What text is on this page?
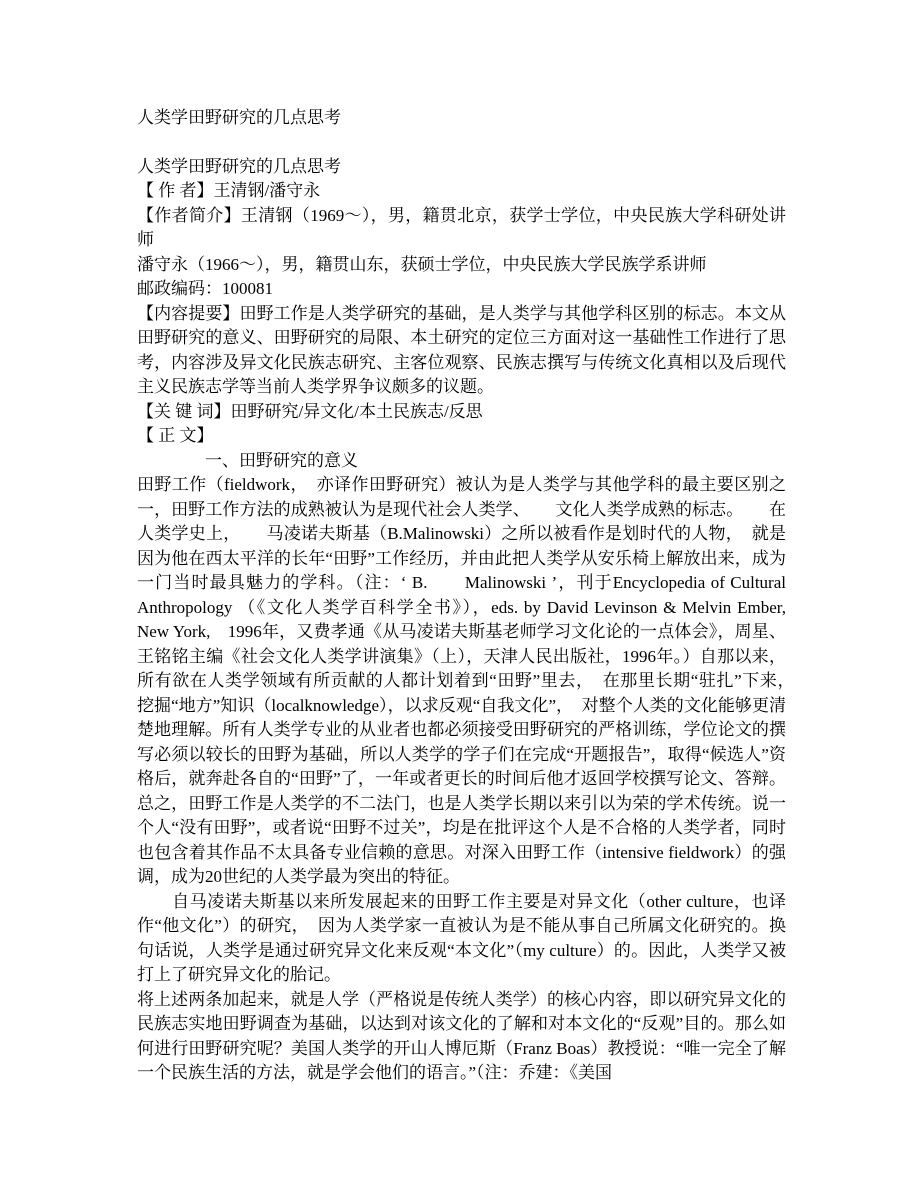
人类学田野研究的几点思考

人类学田野研究的几点思考

【 作 者】王清钢/潘守永

【作者简介】王清钢（1969～），男，籍贯北京，获学士学位，中央民族大学科研处讲师

潘守永（1966～），男，籍贯山东，获硕士学位，中央民族大学民族学系讲师

邮政编码：100081

【内容提要】田野工作是人类学研究的基础，是人类学与其他学科区别的标志。本文从田野研究的意义、田野研究的局限、本土研究的定位三方面对这一基础性工作进行了思考，内容涉及异文化民族志研究、主客位观察、民族志撰写与传统文化真相以及后现代主义民族志学等当前人类学界争议颇多的议题。

【关 键 词】田野研究/异文化/本土民族志/反思

【 正 文】

　　　　一、田野研究的意义

田野工作（fieldwork，　亦译作田野研究）被认为是人类学与其他学科的最主要区别之一，田野工作方法的成熟被认为是现代社会人类学、　　文化人类学成熟的标志。　　在人类学史上，　　马凌诺夫斯基（B.Malinowski）之所以被看作是划时代的人物，　就是因为他在西太平洋的长年“田野”工作经历，并由此把人类学从安乐椅上解放出来，成为一门当时最具魅力的学科。（注：‘ B.　　Malinowski ’，刊于Encyclopedia of Cultural Anthropology （《文化人类学百科学全书》），eds. by David Levinson & Melvin Ember, New York,　1996年，又费孝通《从马凌诺夫斯基老师学习文化论的一点体会》，周星、王铭铭主编《社会文化人类学讲演集》（上），天津人民出版社，1996年。）自那以来，所有欲在人类学领域有所贡献的人都计划着到“田野”里去，　在那里长期“驻扎”下来，　　挖掘“地方”知识（localknowledge），以求反观“自我文化”，　对整个人类的文化能够更清楚地理解。所有人类学专业的从业者也都必须接受田野研究的严格训练，学位论文的撰写必须以较长的田野为基础，所以人类学的学子们在完成“开题报告”，取得“候选人”资格后，就奔赴各自的“田野”了，一年或者更长的时间后他才返回学校撰写论文、答辩。总之，田野工作是人类学的不二法门，也是人类学长期以来引以为荣的学术传统。说一个人“没有田野”，或者说“田野不过关”，均是在批评这个人是不合格的人类学者，同时也包含着其作品不太具备专业信赖的意思。对深入田野工作（intensive fieldwork）的强调，成为20世纪的人类学最为突出的特征。

　　自马凌诺夫斯基以来所发展起来的田野工作主要是对异文化（other culture，也译作“他文化”）的研究，　因为人类学家一直被认为是不能从事自己所属文化研究的。换句话说，人类学是通过研究异文化来反观“本文化”（my culture）的。因此，人类学又被打上了研究异文化的胎记。

将上述两条加起来，就是人学（严格说是传统人类学）的核心内容，即以研究异文化的民族志实地田野调查为基础，以达到对该文化的了解和对本文化的“反观”目的。那么如何进行田野研究呢？美国人类学的开山人博厄斯（Franz Boas）教授说：“唯一完全了解一个民族生活的方法，就是学会他们的语言。”（注：乔建：《美国
